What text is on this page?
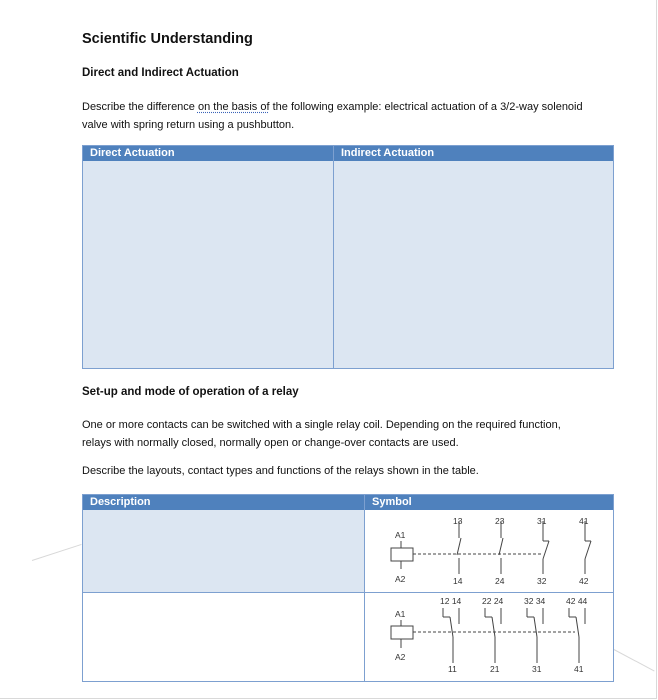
Scientific Understanding
Direct and Indirect Actuation
Describe the difference on the basis of the following example: electrical actuation of a 3/2-way solenoid
valve with spring return using a pushbutton.
Direct Actuation	Indirect Actuation
Set-up and mode of operation of a relay
One or more contacts can be switched with a single relay coil. Depending on the required function,
relays with normally closed, normally open or change-over contacts are used.
Describe the layouts, contact types and functions of the relays shown in the table.
Description	Symbol
A1
A2
13	23	31	41
14	24	32	42
A1
A2
12 14 22 24 32 34 42 44
11	21	31	41
